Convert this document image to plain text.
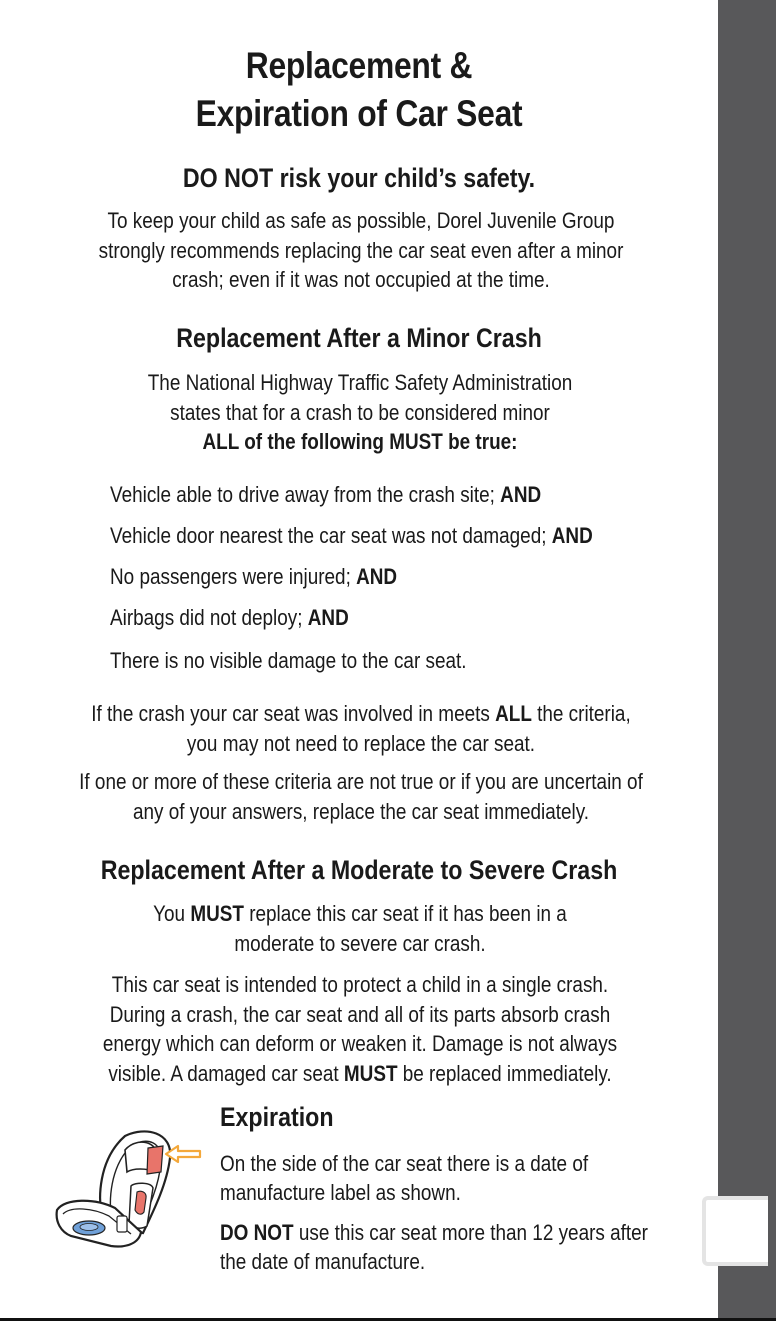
Replacement &
Expiration of Car Seat
DO NOT risk your child’s safety.
To keep your child as safe as possible, Dorel Juvenile Group strongly recommends replacing the car seat even after a minor crash; even if it was not occupied at the time.
Replacement After a Minor Crash
The National Highway Traffic Safety Administration states that for a crash to be considered minor
ALL of the following MUST be true:
Vehicle able to drive away from the crash site; AND
Vehicle door nearest the car seat was not damaged; AND
No passengers were injured; AND
Airbags did not deploy; AND
There is no visible damage to the car seat.
If the crash your car seat was involved in meets ALL the criteria, you may not need to replace the car seat.
If one or more of these criteria are not true or if you are uncertain of any of your answers, replace the car seat immediately.
Replacement After a Moderate to Severe Crash
You MUST replace this car seat if it has been in a moderate to severe car crash.
This car seat is intended to protect a child in a single crash. During a crash, the car seat and all of its parts absorb crash energy which can deform or weaken it. Damage is not always visible. A damaged car seat MUST be replaced immediately.
Expiration
On the side of the car seat there is a date of manufacture label as shown.
DO NOT use this car seat more than 12 years after the date of manufacture.
